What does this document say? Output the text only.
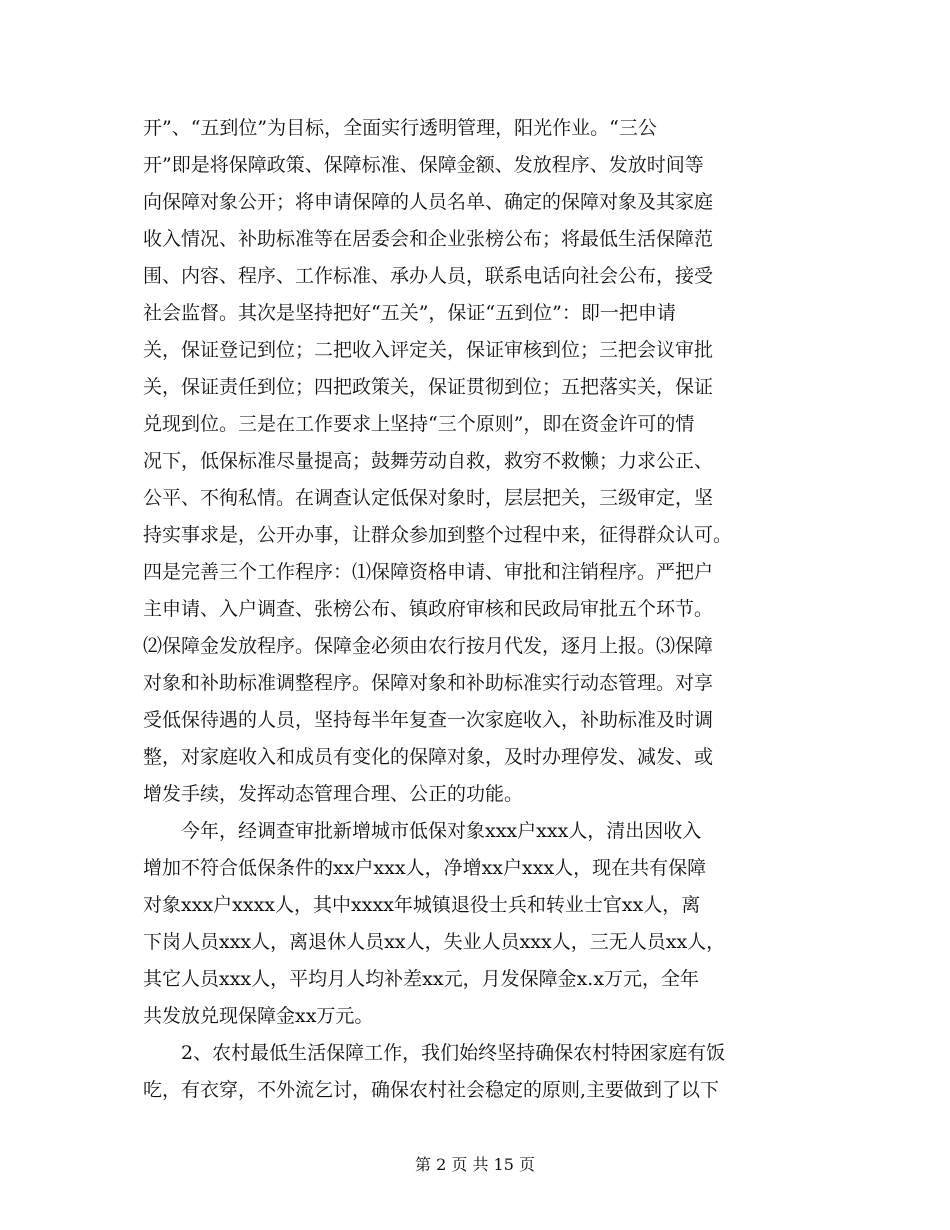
开”、“五到位”为目标，全面实行透明管理，阳光作业。“三公
开”即是将保障政策、保障标准、保障金额、发放程序、发放时间等
向保障对象公开；将申请保障的人员名单、确定的保障对象及其家庭
收入情况、补助标准等在居委会和企业张榜公布；将最低生活保障范
围、内容、程序、工作标准、承办人员，联系电话向社会公布，接受
社会监督。其次是坚持把好“五关”，保证“五到位”：即一把申请
关，保证登记到位；二把收入评定关，保证审核到位；三把会议审批
关，保证责任到位；四把政策关，保证贯彻到位；五把落实关，保证
兑现到位。三是在工作要求上坚持“三个原则”，即在资金许可的情
况下，低保标准尽量提高；鼓舞劳动自救，救穷不救懒；力求公正、
公平、不徇私情。在调查认定低保对象时，层层把关，三级审定，坚
持实事求是，公开办事，让群众参加到整个过程中来，征得群众认可。
四是完善三个工作程序：⑴保障资格申请、审批和注销程序。严把户
主申请、入户调查、张榜公布、镇政府审核和民政局审批五个环节。
⑵保障金发放程序。保障金必须由农行按月代发，逐月上报。⑶保障
对象和补助标准调整程序。保障对象和补助标准实行动态管理。对享
受低保待遇的人员，坚持每半年复查一次家庭收入，补助标准及时调
整，对家庭收入和成员有变化的保障对象，及时办理停发、减发、或
增发手续，发挥动态管理合理、公正的功能。
　　今年，经调查审批新增城市低保对象xxx户xxx人，清出因收入
增加不符合低保条件的xx户xxx人，净增xx户xxx人，现在共有保障
对象xxx户xxxx人，其中xxxx年城镇退役士兵和转业士官xx人，离
下岗人员xxx人，离退休人员xx人，失业人员xxx人，三无人员xx人，
其它人员xxx人，平均月人均补差xx元，月发保障金x.x万元，全年
共发放兑现保障金xx万元。
　　2、农村最低生活保障工作，我们始终坚持确保农村特困家庭有饭
吃，有衣穿，不外流乞讨，确保农村社会稳定的原则,主要做到了以下
第 2 页 共 15 页
